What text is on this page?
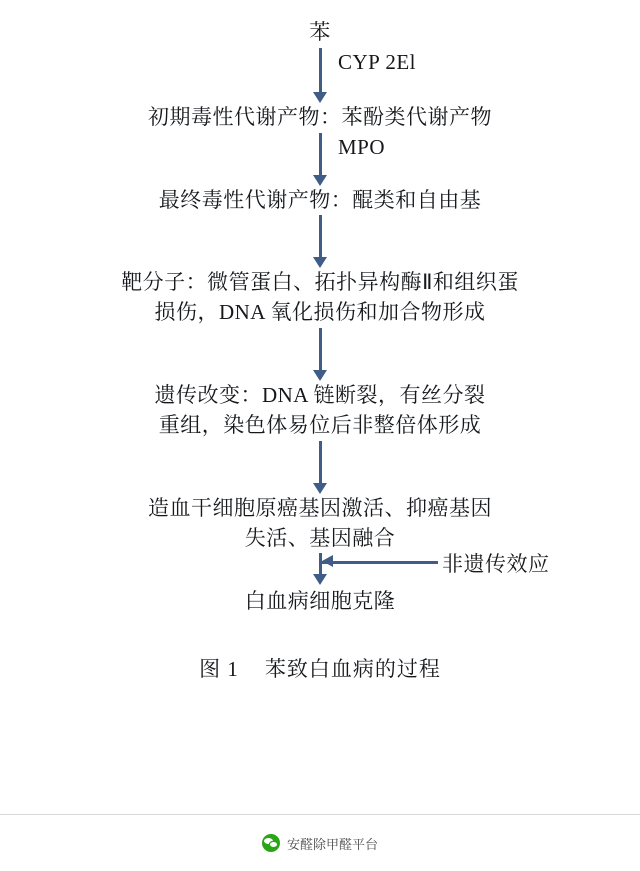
苯
CYP 2El
初期毒性代谢产物：苯酚类代谢产物
MPO
最终毒性代谢产物：醌类和自由基
靶分子：微管蛋白、拓扑异构酶Ⅱ和组织蛋
损伤，DNA 氧化损伤和加合物形成
遗传改变：DNA 链断裂，有丝分裂
重组，染色体易位后非整倍体形成
造血干细胞原癌基因激活、抑癌基因
失活、基因融合
非遗传效应
白血病细胞克隆
图 1 苯致白血病的过程
安醛除甲醛平台
